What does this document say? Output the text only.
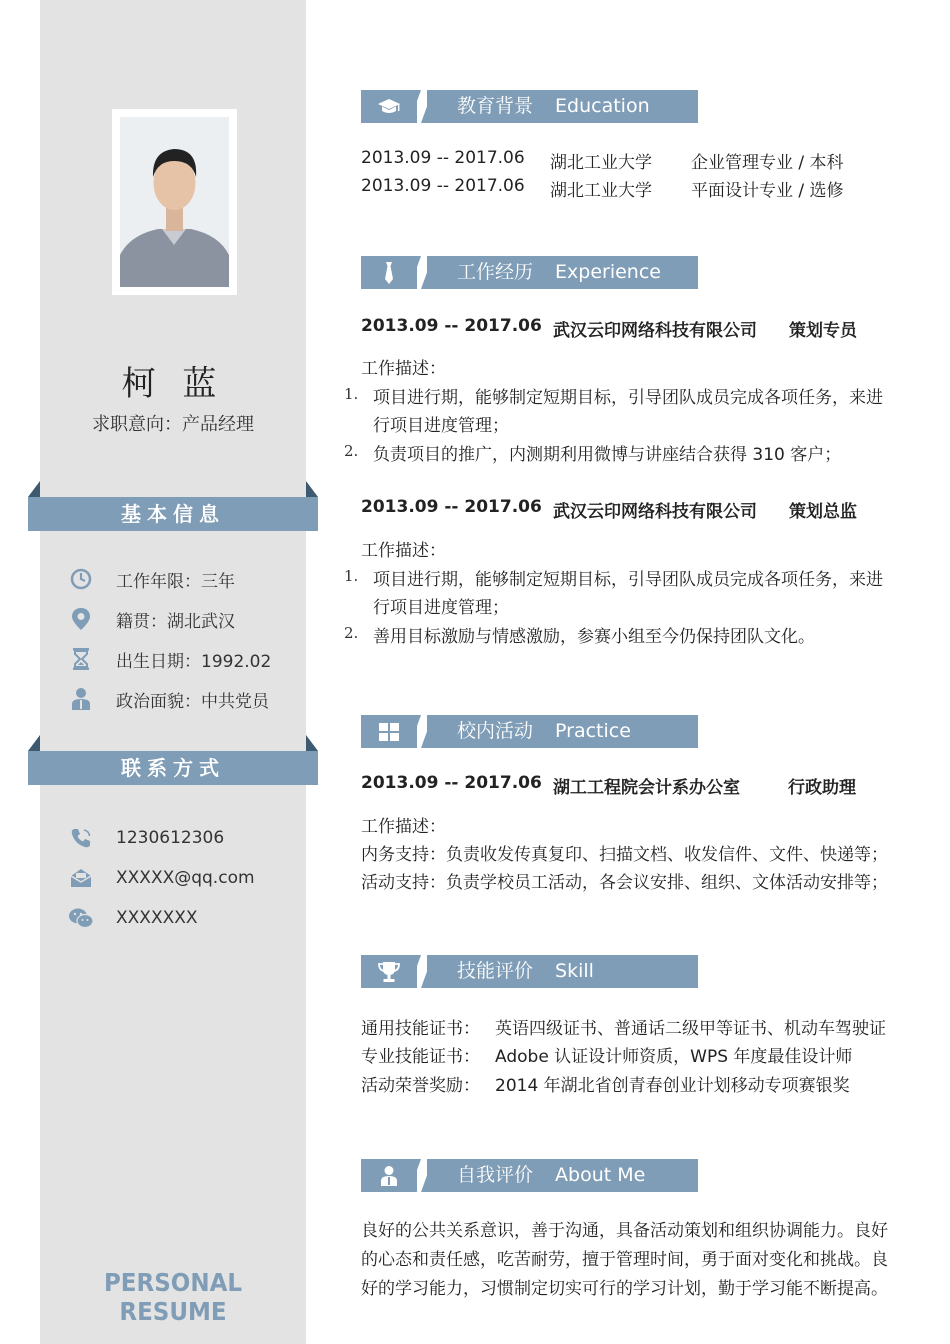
柯 蓝
求职意向：产品经理
基本信息
工作年限：三年
籍贯：湖北武汉
出生日期：1992.02
政治面貌：中共党员
联系方式
1230612306
XXXXX@qq.com
XXXXXXX
PERSONAL RESUME
教育背景 Education
2013.09 -- 2017.06 湖北工业大学 企业管理专业 / 本科
2013.09 -- 2017.06 湖北工业大学 平面设计专业 / 选修
工作经历 Experience
2013.09 -- 2017.06 武汉云印网络科技有限公司 策划专员
工作描述：
1. 项目进行期，能够制定短期目标，引导团队成员完成各项任务，来进
行项目进度管理；
2. 负责项目的推广，内测期利用微博与讲座结合获得 310 客户；
2013.09 -- 2017.06 武汉云印网络科技有限公司 策划总监
工作描述：
1. 项目进行期，能够制定短期目标，引导团队成员完成各项任务，来进
行项目进度管理；
2. 善用目标激励与情感激励，参赛小组至今仍保持团队文化。
校内活动 Practice
2013.09 -- 2017.06 湖工工程院会计系办公室	行政助理
工作描述：
内务支持：负责收发传真复印、扫描文档、收发信件、文件、快递等；
活动支持：负责学校员工活动，各会议安排、组织、文体活动安排等；
技能评价 Skill
通用技能证书： 英语四级证书、普通话二级甲等证书、机动车驾驶证
专业技能证书： Adobe 认证设计师资质，WPS 年度最佳设计师
活动荣誉奖励： 2014 年湖北省创青春创业计划移动专项赛银奖
自我评价 About Me
良好的公共关系意识，善于沟通，具备活动策划和组织协调能力。良好
的心态和责任感，吃苦耐劳，擅于管理时间，勇于面对变化和挑战。良
好的学习能力，习惯制定切实可行的学习计划，勤于学习能不断提高。
